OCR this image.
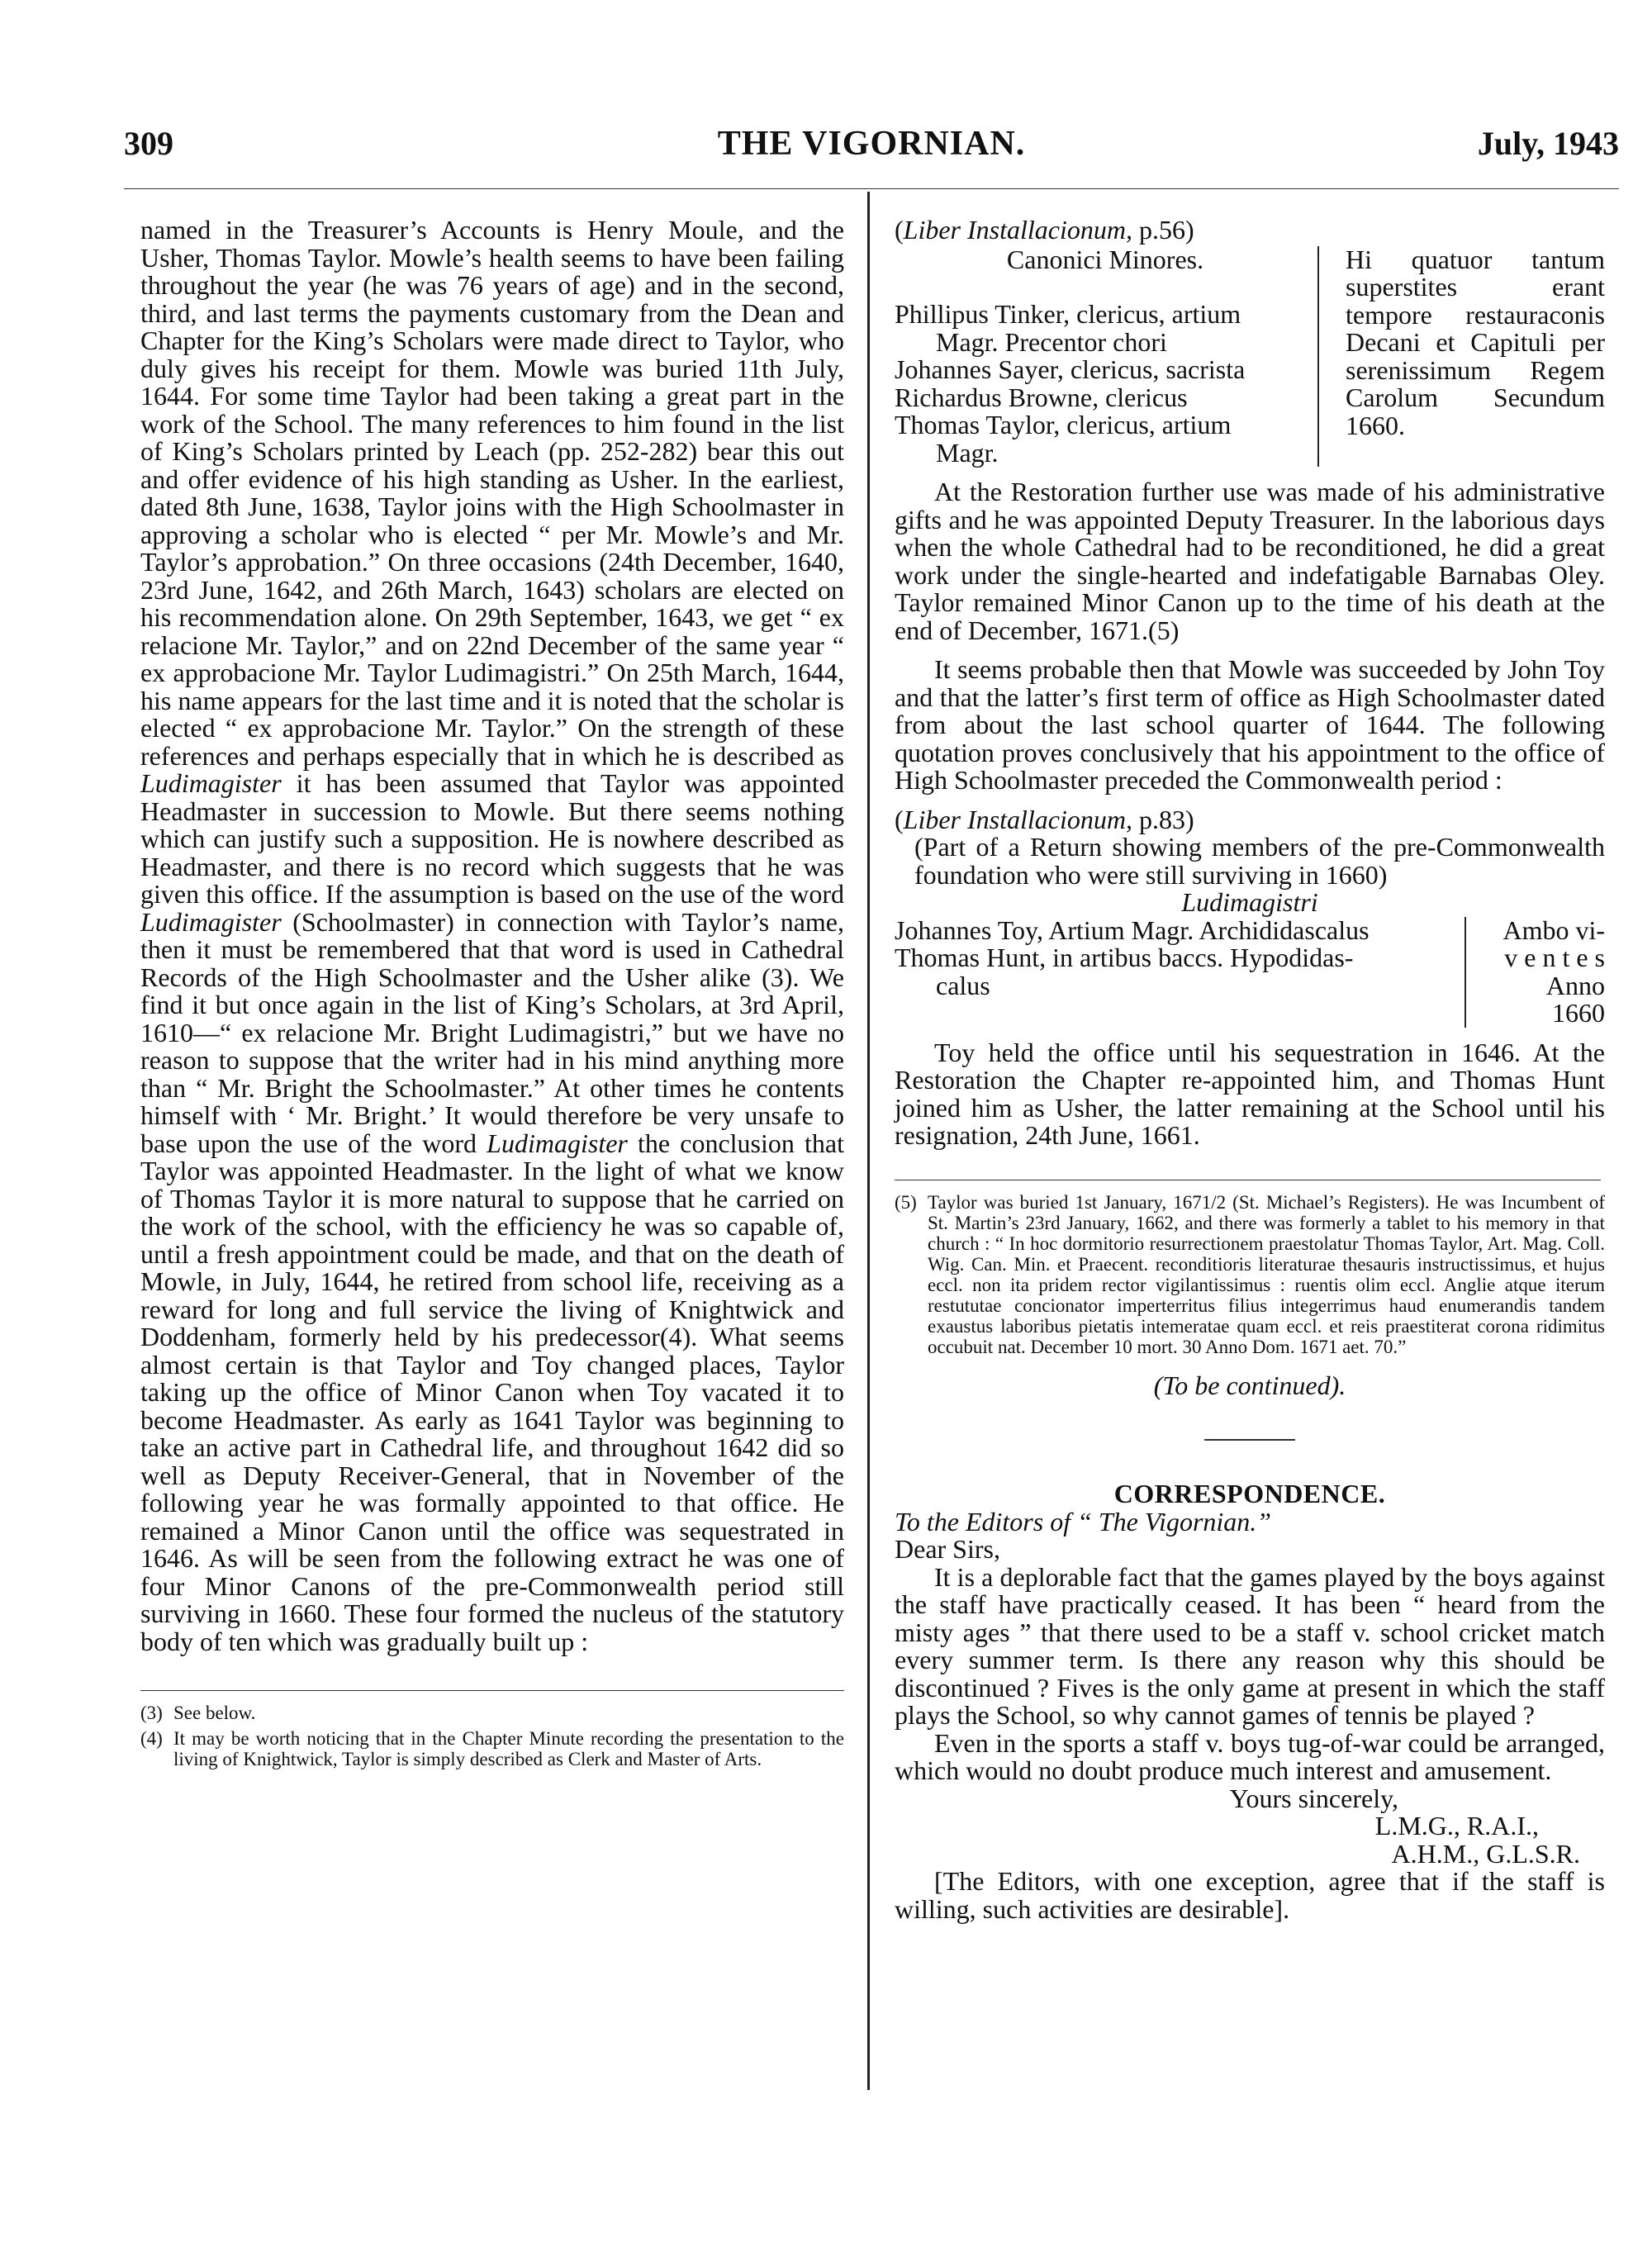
309	THE VIGORNIAN.	July, 1943

named in the Treasurer’s Accounts is Henry Moule, and the Usher, Thomas Taylor. Mowle’s health seems to have been failing throughout the year (he was 76 years of age) and in the second, third, and last terms the payments customary from the Dean and Chapter for the King’s Scholars were made direct to Taylor, who duly gives his receipt for them. Mowle was buried 11th July, 1644. For some time Taylor had been taking a great part in the work of the School. The many references to him found in the list of King’s Scholars printed by Leach (pp. 252-282) bear this out and offer evidence of his high standing as Usher. In the earliest, dated 8th June, 1638, Taylor joins with the High Schoolmaster in approving a scholar who is elected “ per Mr. Mowle’s and Mr. Taylor’s approbation.” On three occasions (24th December, 1640, 23rd June, 1642, and 26th March, 1643) scholars are elected on his recommendation alone. On 29th September, 1643, we get “ ex relacione Mr. Taylor,” and on 22nd December of the same year “ ex approbacione Mr. Taylor Ludimagistri.” On 25th March, 1644, his name appears for the last time and it is noted that the scholar is elected “ ex approbacione Mr. Taylor.” On the strength of these references and perhaps especially that in which he is described as Ludimagister it has been assumed that Taylor was appointed Headmaster in succession to Mowle. But there seems nothing which can justify such a supposition. He is nowhere described as Headmaster, and there is no record which suggests that he was given this office. If the assumption is based on the use of the word Ludimagister (Schoolmaster) in connection with Taylor’s name, then it must be remembered that that word is used in Cathedral Records of the High Schoolmaster and the Usher alike (3). We find it but once again in the list of King’s Scholars, at 3rd April, 1610—“ ex relacione Mr. Bright Ludimagistri,” but we have no reason to suppose that the writer had in his mind anything more than “ Mr. Bright the Schoolmaster.” At other times he contents himself with ‘ Mr. Bright.’ It would therefore be very unsafe to base upon the use of the word Ludimagister the conclusion that Taylor was appointed Headmaster. In the light of what we know of Thomas Taylor it is more natural to suppose that he carried on the work of the school, with the efficiency he was so capable of, until a fresh appointment could be made, and that on the death of Mowle, in July, 1644, he retired from school life, receiving as a reward for long and full service the living of Knightwick and Doddenham, formerly held by his predecessor(4). What seems almost certain is that Taylor and Toy changed places, Taylor taking up the office of Minor Canon when Toy vacated it to become Headmaster. As early as 1641 Taylor was beginning to take an active part in Cathedral life, and throughout 1642 did so well as Deputy Receiver-General, that in November of the following year he was formally appointed to that office. He remained a Minor Canon until the office was sequestrated in 1646. As will be seen from the following extract he was one of four Minor Canons of the pre-Commonwealth period still surviving in 1660. These four formed the nucleus of the statutory body of ten which was gradually built up :

(3) See below.
(4) It may be worth noticing that in the Chapter Minute recording the presentation to the living of Knightwick, Taylor is simply described as Clerk and Master of Arts.
(Liber Installacionum, p.56)
Canonici Minores.
Phillipus Tinker, clericus, artium
Magr. Precentor chori
Johannes Sayer, clericus, sacrista
Richardus Browne, clericus
Thomas Taylor, clericus, artium
Magr.
Hi quatuor tantum superstites erant tempore restauraconis Decani et Capituli per serenissimum Regem Carolum Secundum 1660.

At the Restoration further use was made of his administrative gifts and he was appointed Deputy Treasurer. In the laborious days when the whole Cathedral had to be reconditioned, he did a great work under the single-hearted and indefatigable Barnabas Oley. Taylor remained Minor Canon up to the time of his death at the end of December, 1671.(5)

It seems probable then that Mowle was succeeded by John Toy and that the latter’s first term of office as High Schoolmaster dated from about the last school quarter of 1644. The following quotation proves conclusively that his appointment to the office of High Schoolmaster preceded the Commonwealth period :

(Liber Installacionum, p.83)

(Part of a Return showing members of the pre-Commonwealth foundation who were still surviving in 1660)

Ludimagistri
Johannes Toy, Artium Magr. Archididascalus
Thomas Hunt, in artibus baccs. Hypodidas-
calus
Ambo vi-
v e n t e s
Anno 1660

Toy held the office until his sequestration in 1646. At the Restoration the Chapter re-appointed him, and Thomas Hunt joined him as Usher, the latter remaining at the School until his resignation, 24th June, 1661.

(5) Taylor was buried 1st January, 1671/2 (St. Michael’s Registers). He was Incumbent of St. Martin’s 23rd January, 1662, and there was formerly a tablet to his memory in that church : “ In hoc dormitorio resurrectionem praestolatur Thomas Taylor, Art. Mag. Coll. Wig. Can. Min. et Praecent. reconditioris literaturae thesauris instructissimus, et hujus eccl. non ita pridem rector vigilantissimus : ruentis olim eccl. Anglie atque iterum restututae concionator imperterritus filius integerrimus haud enumerandis tandem exaustus laboribus pietatis intemeratae quam eccl. et reis praestiterat corona ridimitus occubuit nat. December 10 mort. 30 Anno Dom. 1671 aet. 70.”
(To be continued).
CORRESPONDENCE.
To the Editors of “ The Vigornian.”
Dear Sirs,

It is a deplorable fact that the games played by the boys against the staff have practically ceased. It has been “ heard from the misty ages ” that there used to be a staff v. school cricket match every summer term. Is there any reason why this should be discontinued ? Fives is the only game at present in which the staff plays the School, so why cannot games of tennis be played ?

Even in the sports a staff v. boys tug-of-war could be arranged, which would no doubt produce much interest and amusement.

Yours sincerely,
L.M.G., R.A.I.,
A.H.M., G.L.S.R.

[The Editors, with one exception, agree that if the staff is willing, such activities are desirable].
